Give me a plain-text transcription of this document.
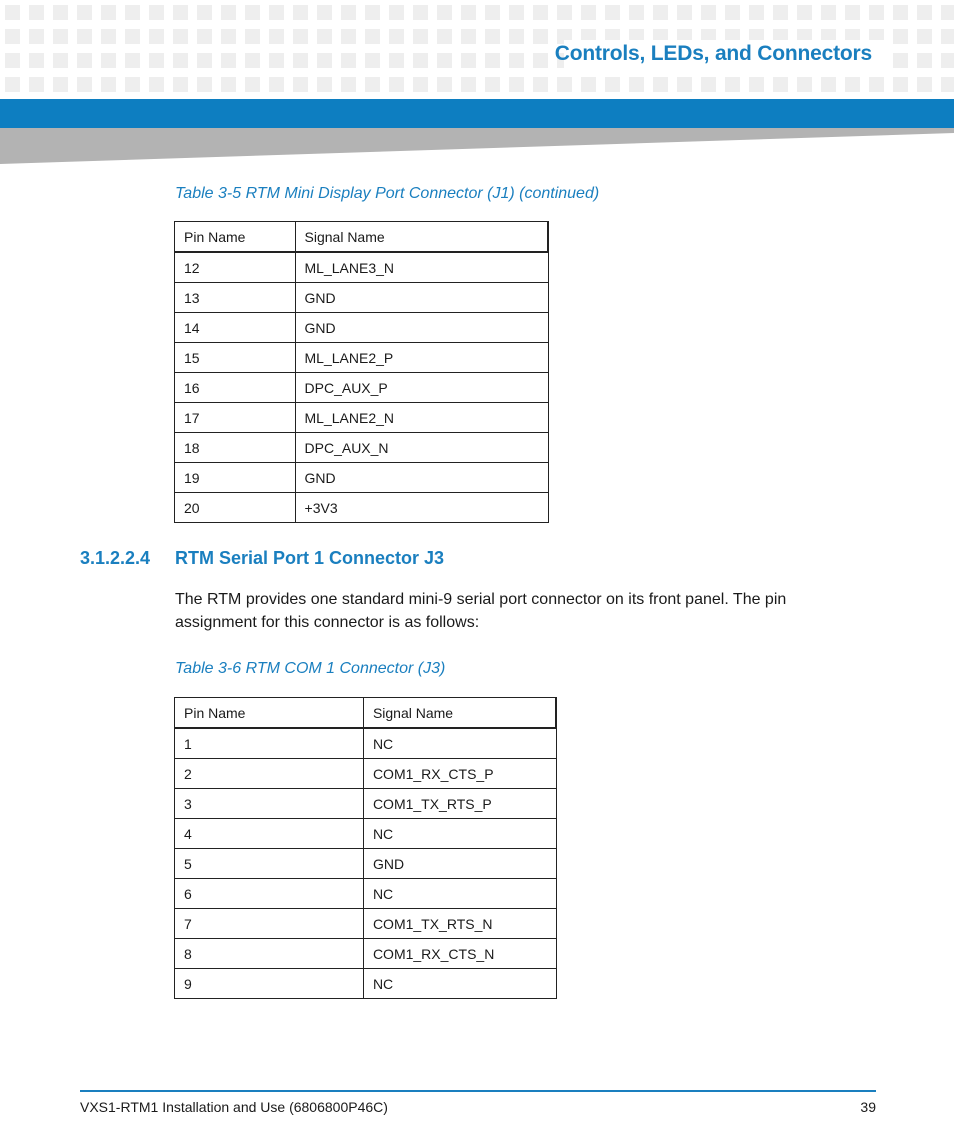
Controls, LEDs, and Connectors
Table 3-5 RTM Mini Display Port Connector (J1) (continued)
Pin Name	Signal Name
12	ML_LANE3_N
13	GND
14	GND
15	ML_LANE2_P
16	DPC_AUX_P
17	ML_LANE2_N
18	DPC_AUX_N
19	GND
20	+3V3
3.1.2.2.4 RTM Serial Port 1 Connector J3
The RTM provides one standard mini-9 serial port connector on its front panel. The pin assignment for this connector is as follows:
Table 3-6 RTM COM 1 Connector (J3)
Pin Name	Signal Name
1	NC
2	COM1_RX_CTS_P
3	COM1_TX_RTS_P
4	NC
5	GND
6	NC
7	COM1_TX_RTS_N
8	COM1_RX_CTS_N
9	NC
VXS1-RTM1 Installation and Use (6806800P46C)	39
